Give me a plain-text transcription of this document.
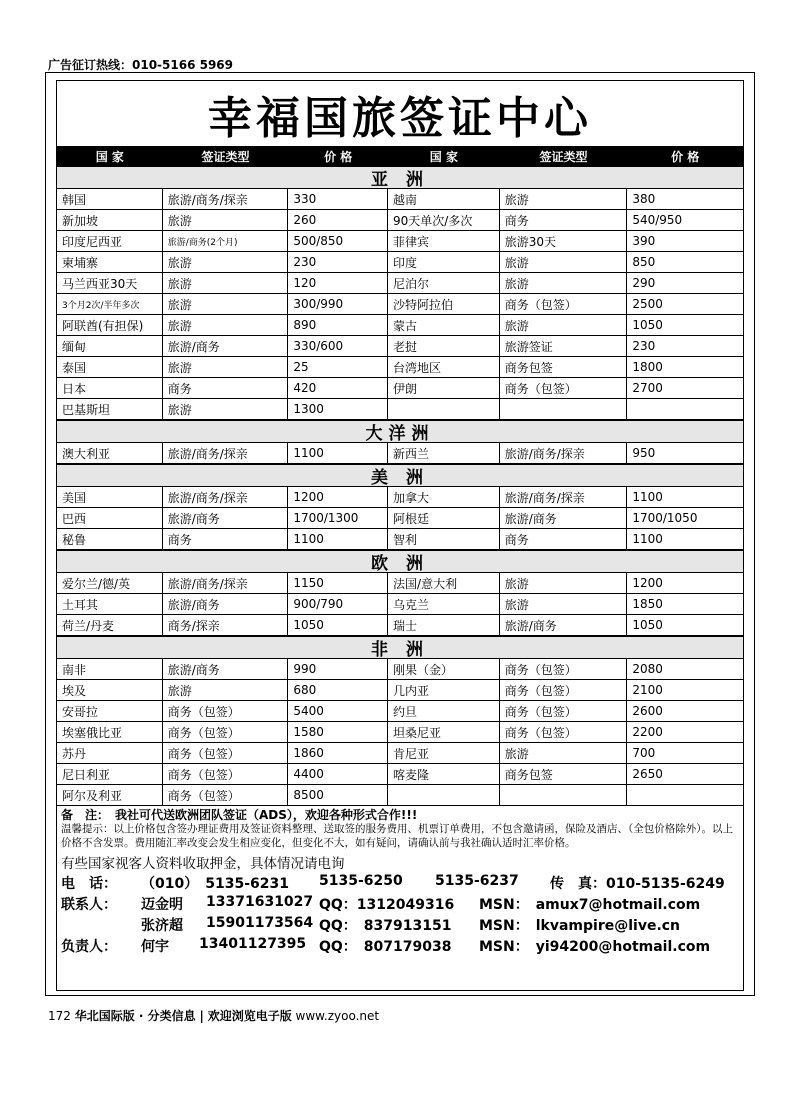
广告征订热线：010-5166 5969
幸福国旅签证中心
国 家	签证类型	价 格	国 家	签证类型	价 格
亚 洲
韩国	旅游/商务/探亲	330	越南	旅游	380
新加坡	旅游	260	90天单次/多次	商务	540/950
印度尼西亚	旅游/商务(2个月)	500/850	菲律宾	旅游30天	390
柬埔寨	旅游	230	印度	旅游	850
马兰西亚30天	旅游	120	尼泊尔	旅游	290
3个月2次/半年多次	旅游	300/990	沙特阿拉伯	商务（包签）	2500
阿联酋(有担保)	旅游	890	蒙古	旅游	1050
缅甸	旅游/商务	330/600	老挝	旅游签证	230
泰国	旅游	25	台湾地区	商务包签	1800
日本	商务	420	伊朗	商务（包签）	2700
巴基斯坦	旅游	1300
大洋洲
澳大利亚	旅游/商务/探亲	1100	新西兰	旅游/商务/探亲	950
美 洲
美国	旅游/商务/探亲	1200	加拿大	旅游/商务/探亲	1100
巴西	旅游/商务	1700/1300	阿根廷	旅游/商务	1700/1050
秘鲁	商务	1100	智利	商务	1100
欧 洲
爱尔兰/德/英	旅游/商务/探亲	1150	法国/意大利	旅游	1200
土耳其	旅游/商务	900/790	乌克兰	旅游	1850
荷兰/丹麦	商务/探亲	1050	瑞士	旅游/商务	1050
非 洲
南非	旅游/商务	990	刚果（金）	商务（包签）	2080
埃及	旅游	680	几内亚	商务（包签）	2100
安哥拉	商务（包签）	5400	约旦	商务（包签）	2600
埃塞俄比亚	商务（包签）	1580	坦桑尼亚	商务（包签）	2200
苏丹	商务（包签）	1860	肯尼亚	旅游	700
尼日利亚	商务（包签）	4400	喀麦隆	商务包签	2650
阿尔及利亚	商务（包签）	8500
备　注：　我社可代送欧洲团队签证（ADS），欢迎各种形式合作!!!
温馨提示：以上价格包含签办理证费用及签证资料整理、送取签的服务费用、机票订单费用，不包含邀请函，保险及酒店、（全包价格除外）。以上价格不含发票。费用随汇率改变会发生相应变化，但变化不大，如有疑问，请确认前与我社确认适时汇率价格。
有些国家视客人资料收取押金，具体情况请电询
电　话： （010）　5135-6231 5135-6250 5135-6237 传　真：010-5135-6249
联系人： 迈金明 13371631027 QQ：1312049316 MSN：　amux7@hotmail.com
张济超 15901173564 QQ：　837913151 MSN：　lkvampire@live.cn
负责人： 何宇 13401127395 QQ：　807179038 MSN：　yi94200@hotmail.com
172 华北国际版 · 分类信息 | 欢迎浏览电子版 www.zyoo.net
